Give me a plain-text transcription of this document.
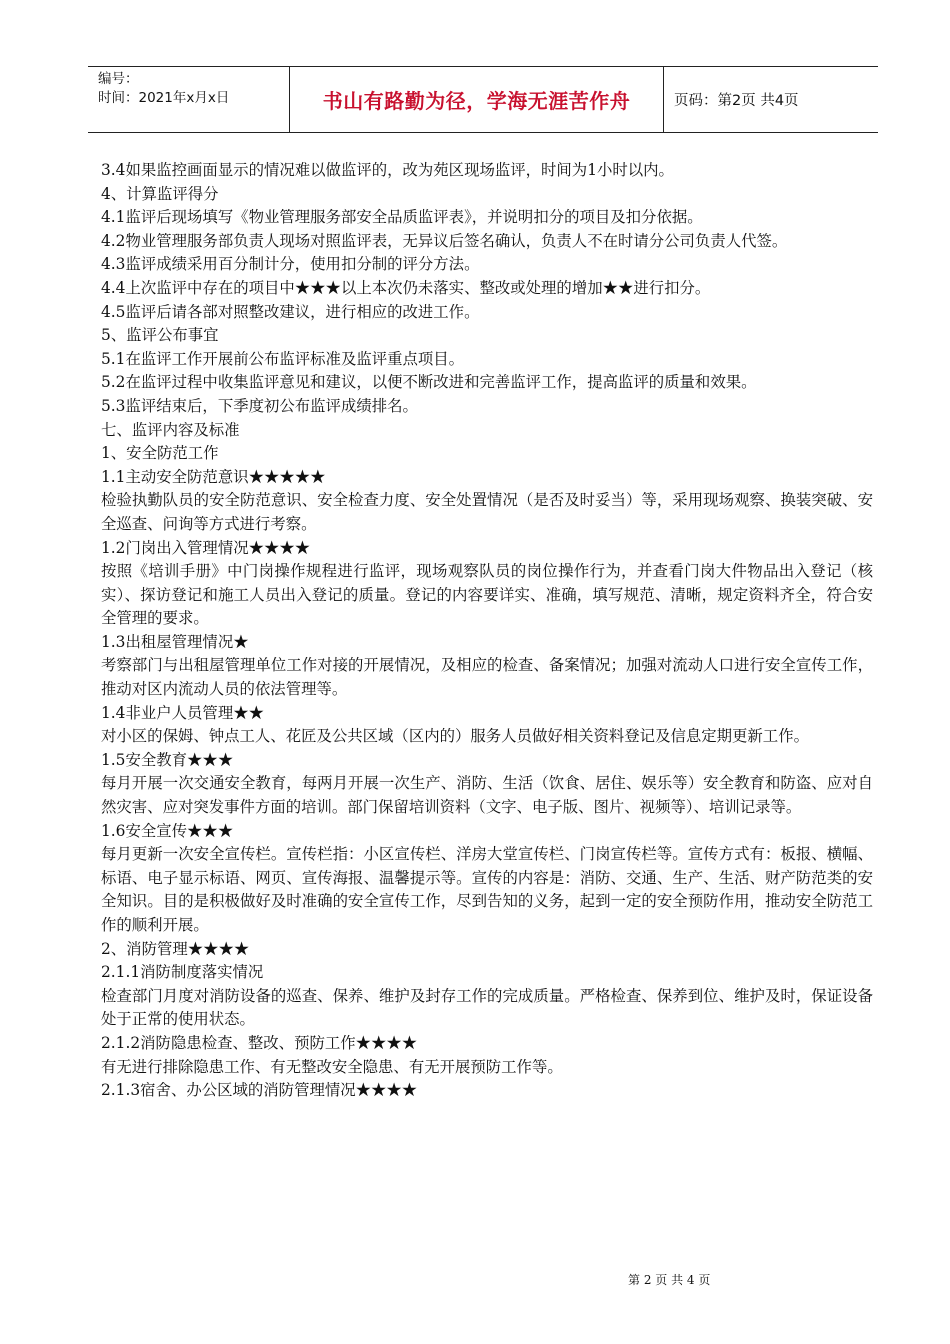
编号：
时间：2021年x月x日	书山有路勤为径，学海无涯苦作舟	页码：第2页 共4页

3.4如果监控画面显示的情况难以做监评的，改为苑区现场监评，时间为1小时以内。

4、计算监评得分

4.1监评后现场填写《物业管理服务部安全品质监评表》，并说明扣分的项目及扣分依据。

4.2物业管理服务部负责人现场对照监评表，无异议后签名确认，负责人不在时请分公司负责人代签。

4.3监评成绩采用百分制计分，使用扣分制的评分方法。

4.4上次监评中存在的项目中★★★以上本次仍未落实、整改或处理的增加★★进行扣分。

4.5监评后请各部对照整改建议，进行相应的改进工作。

5、监评公布事宜

5.1在监评工作开展前公布监评标准及监评重点项目。

5.2在监评过程中收集监评意见和建议，以便不断改进和完善监评工作，提高监评的质量和效果。

5.3监评结束后，下季度初公布监评成绩排名。

七、监评内容及标准

1、安全防范工作

1.1主动安全防范意识★★★★★

检验执勤队员的安全防范意识、安全检查力度、安全处置情况（是否及时妥当）等，采用现场观察、换装突破、安全巡查、问询等方式进行考察。

1.2门岗出入管理情况★★★★

按照《培训手册》中门岗操作规程进行监评，现场观察队员的岗位操作行为，并查看门岗大件物品出入登记（核实）、探访登记和施工人员出入登记的质量。登记的内容要详实、准确，填写规范、清晰，规定资料齐全，符合安全管理的要求。

1.3出租屋管理情况★

考察部门与出租屋管理单位工作对接的开展情况，及相应的检查、备案情况；加强对流动人口进行安全宣传工作，推动对区内流动人员的依法管理等。

1.4非业户人员管理★★

对小区的保姆、钟点工人、花匠及公共区域（区内的）服务人员做好相关资料登记及信息定期更新工作。

1.5安全教育★★★

每月开展一次交通安全教育，每两月开展一次生产、消防、生活（饮食、居住、娱乐等）安全教育和防盗、应对自然灾害、应对突发事件方面的培训。部门保留培训资料（文字、电子版、图片、视频等）、培训记录等。

1.6安全宣传★★★

每月更新一次安全宣传栏。宣传栏指：小区宣传栏、洋房大堂宣传栏、门岗宣传栏等。宣传方式有：板报、横幅、标语、电子显示标语、网页、宣传海报、温馨提示等。宣传的内容是：消防、交通、生产、生活、财产防范类的安全知识。目的是积极做好及时准确的安全宣传工作，尽到告知的义务，起到一定的安全预防作用，推动安全防范工作的顺利开展。

2、消防管理★★★★

2.1.1消防制度落实情况

检查部门月度对消防设备的巡查、保养、维护及封存工作的完成质量。严格检查、保养到位、维护及时，保证设备处于正常的使用状态。

2.1.2消防隐患检查、整改、预防工作★★★★

有无进行排除隐患工作、有无整改安全隐患、有无开展预防工作等。

2.1.3宿舍、办公区域的消防管理情况★★★★

第 2 页 共 4 页
